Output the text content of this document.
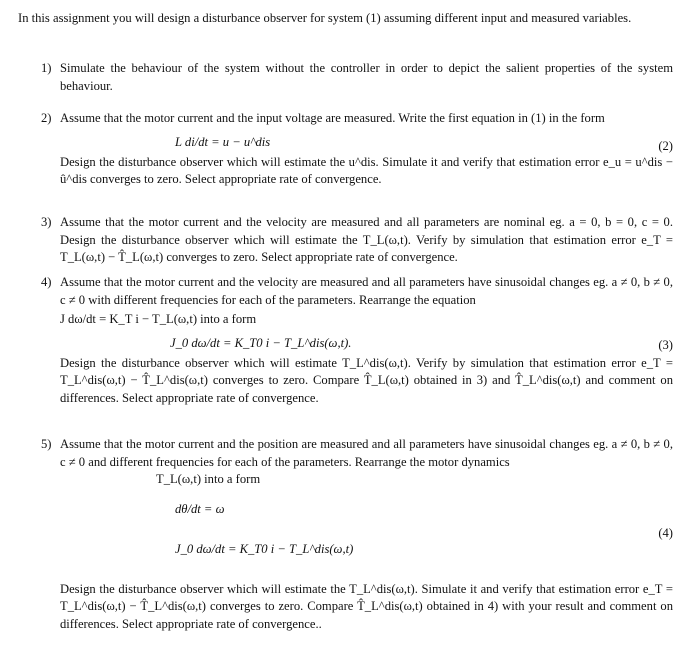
In this assignment you will design a disturbance observer for system (1) assuming different input and measured variables.
1) Simulate the behaviour of the system without the controller in order to depict the salient properties of the system behaviour.
2) Assume that the motor current and the input voltage are measured. Write the first equation in (1) in the form
L di/dt = u − u^dis	(2)
Design the disturbance observer which will estimate the u^dis. Simulate it and verify that estimation error e_u = u^dis − û^dis converges to zero. Select appropriate rate of convergence.
3) Assume that the motor current and the velocity are measured and all parameters are nominal eg. a = 0, b = 0, c = 0. Design the disturbance observer which will estimate the T_L(ω,t). Verify by simulation that estimation error e_T = T_L(ω,t) − T̂_L(ω,t) converges to zero. Select appropriate rate of convergence.
4) Assume that the motor current and the velocity are measured and all parameters have sinusoidal changes eg. a ≠ 0, b ≠ 0, c ≠ 0 with different frequencies for each of the parameters. Rearrange the equation
J dω/dt = K_T i − T_L(ω,t) into a form
J_0 dω/dt = K_T0 i − T_L^dis(ω,t).	(3)
Design the disturbance observer which will estimate T_L^dis(ω,t). Verify by simulation that estimation error e_T = T_L^dis(ω,t) − T̂_L^dis(ω,t) converges to zero. Compare T̂_L(ω,t) obtained in 3) and T̂_L^dis(ω,t) and comment on differences. Select appropriate rate of convergence.
5) Assume that the motor current and the position are measured and all parameters have sinusoidal changes eg. a ≠ 0, b ≠ 0, c ≠ 0 and different frequencies for each of the parameters. Rearrange the motor dynamics
T_L(ω,t) into a form
dθ/dt = ω
(4)
J_0 dω/dt = K_T0 i − T_L^dis(ω,t)
Design the disturbance observer which will estimate the T_L^dis(ω,t). Simulate it and verify that estimation error e_T = T_L^dis(ω,t) − T̂_L^dis(ω,t) converges to zero. Compare T̂_L^dis(ω,t) obtained in 4) with your result and comment on differences. Select appropriate rate of convergence..
